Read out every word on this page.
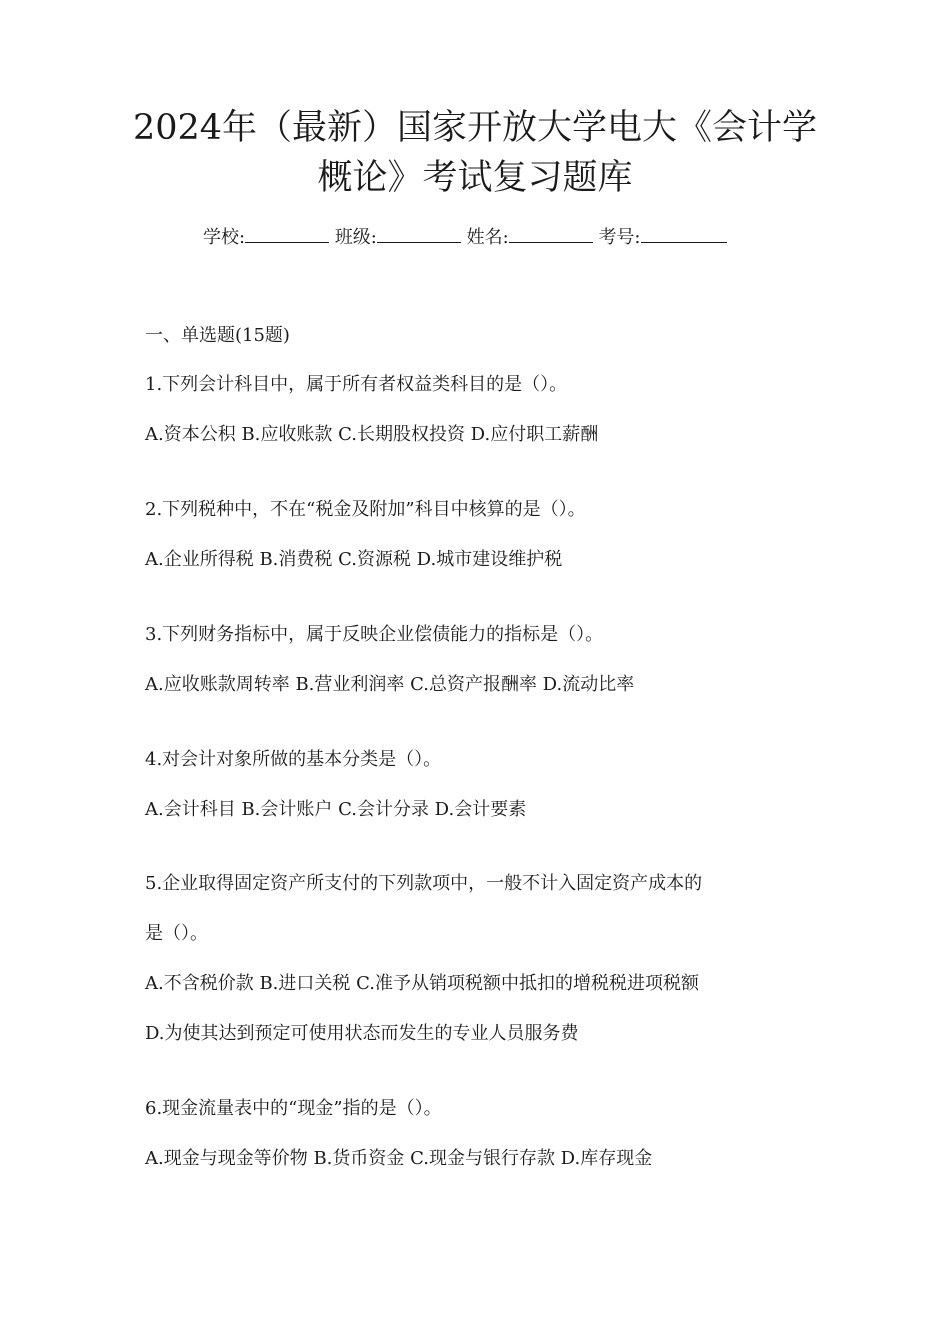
2024年（最新）国家开放大学电大《会计学
概论》考试复习题库
学校:	班级:	姓名:	考号:
一、单选题(15题)
1.下列会计科目中，属于所有者权益类科目的是（）。
A.资本公积 B.应收账款 C.长期股权投资 D.应付职工薪酬
2.下列税种中，不在“税金及附加”科目中核算的是（）。
A.企业所得税 B.消费税 C.资源税 D.城市建设维护税
3.下列财务指标中，属于反映企业偿债能力的指标是（）。
A.应收账款周转率 B.营业利润率 C.总资产报酬率 D.流动比率
4.对会计对象所做的基本分类是（）。
A.会计科目 B.会计账户 C.会计分录 D.会计要素
5.企业取得固定资产所支付的下列款项中，一般不计入固定资产成本的
是（）。
A.不含税价款 B.进口关税 C.准予从销项税额中抵扣的增税税进项税额
D.为使其达到预定可使用状态而发生的专业人员服务费
6.现金流量表中的“现金”指的是（）。
A.现金与现金等价物 B.货币资金 C.现金与银行存款 D.库存现金
